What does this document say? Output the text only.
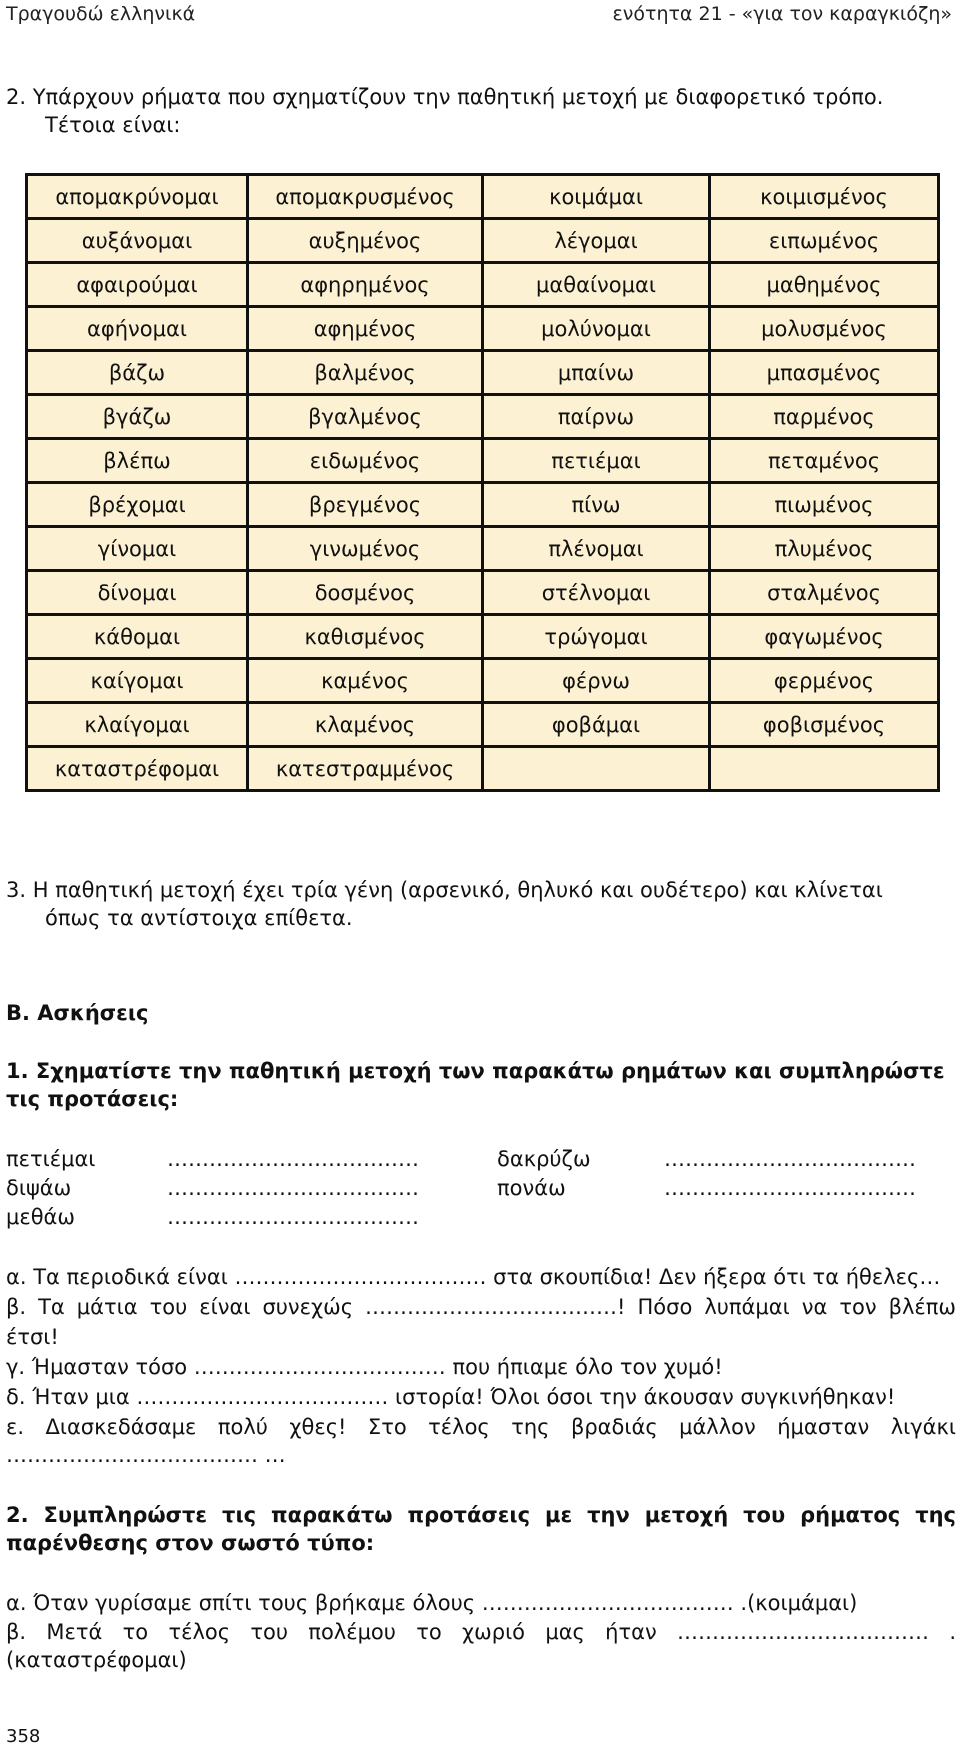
Τραγουδώ ελληνικά	ενότητα 21 - «για τον καραγκιόζη»
2. Υπάρχουν ρήματα που σχηματίζουν την παθητική μετοχή με διαφορετικό τρόπο.
Τέτοια είναι:
απομακρύνομαι	απομακρυσμένος	κοιμάμαι	κοιμισμένος
αυξάνομαι	αυξημένος	λέγομαι	ειπωμένος
αφαιρούμαι	αφηρημένος	μαθαίνομαι	μαθημένος
αφήνομαι	αφημένος	μολύνομαι	μολυσμένος
βάζω	βαλμένος	μπαίνω	μπασμένος
βγάζω	βγαλμένος	παίρνω	παρμένος
βλέπω	ειδωμένος	πετιέμαι	πεταμένος
βρέχομαι	βρεγμένος	πίνω	πιωμένος
γίνομαι	γινωμένος	πλένομαι	πλυμένος
δίνομαι	δοσμένος	στέλνομαι	σταλμένος
κάθομαι	καθισμένος	τρώγομαι	φαγωμένος
καίγομαι	καμένος	φέρνω	φερμένος
κλαίγομαι	κλαμένος	φοβάμαι	φοβισμένος
καταστρέφομαι	κατεστραμμένος		
3. Η παθητική μετοχή έχει τρία γένη (αρσενικό, θηλυκό και ουδέτερο) και κλίνεται
όπως τα αντίστοιχα επίθετα.
Β. Ασκήσεις
1. Σχηματίστε την παθητική μετοχή των παρακάτω ρημάτων και συμπληρώστε
τις προτάσεις:
πετιέμαι	………………………………	δακρύζω	………………………………
διψάω	………………………………	πονάω	………………………………
μεθάω	………………………………
α. Τα περιοδικά είναι ……………………………… στα σκουπίδια! Δεν ήξερα ότι τα ήθελες…
β. Τα μάτια του είναι συνεχώς ………………………………! Πόσο λυπάμαι να τον βλέπω
έτσι!
γ. Ήμασταν τόσο ……………………………… που ήπιαμε όλο τον χυμό!
δ. Ήταν μια ……………………………… ιστορία! Όλοι όσοι την άκουσαν συγκινήθηκαν!
ε. Διασκεδάσαμε πολύ χθες! Στο τέλος της βραδιάς μάλλον ήμασταν λιγάκι
……………………………… …
2. Συμπληρώστε τις παρακάτω προτάσεις με την μετοχή του ρήματος της
παρένθεσης στον σωστό τύπο:
α. Όταν γυρίσαμε σπίτι τους βρήκαμε όλους ……………………………… .(κοιμάμαι)
β. Μετά το τέλος του πολέμου το χωριό μας ήταν ……………………………… .
(καταστρέφομαι)
358
